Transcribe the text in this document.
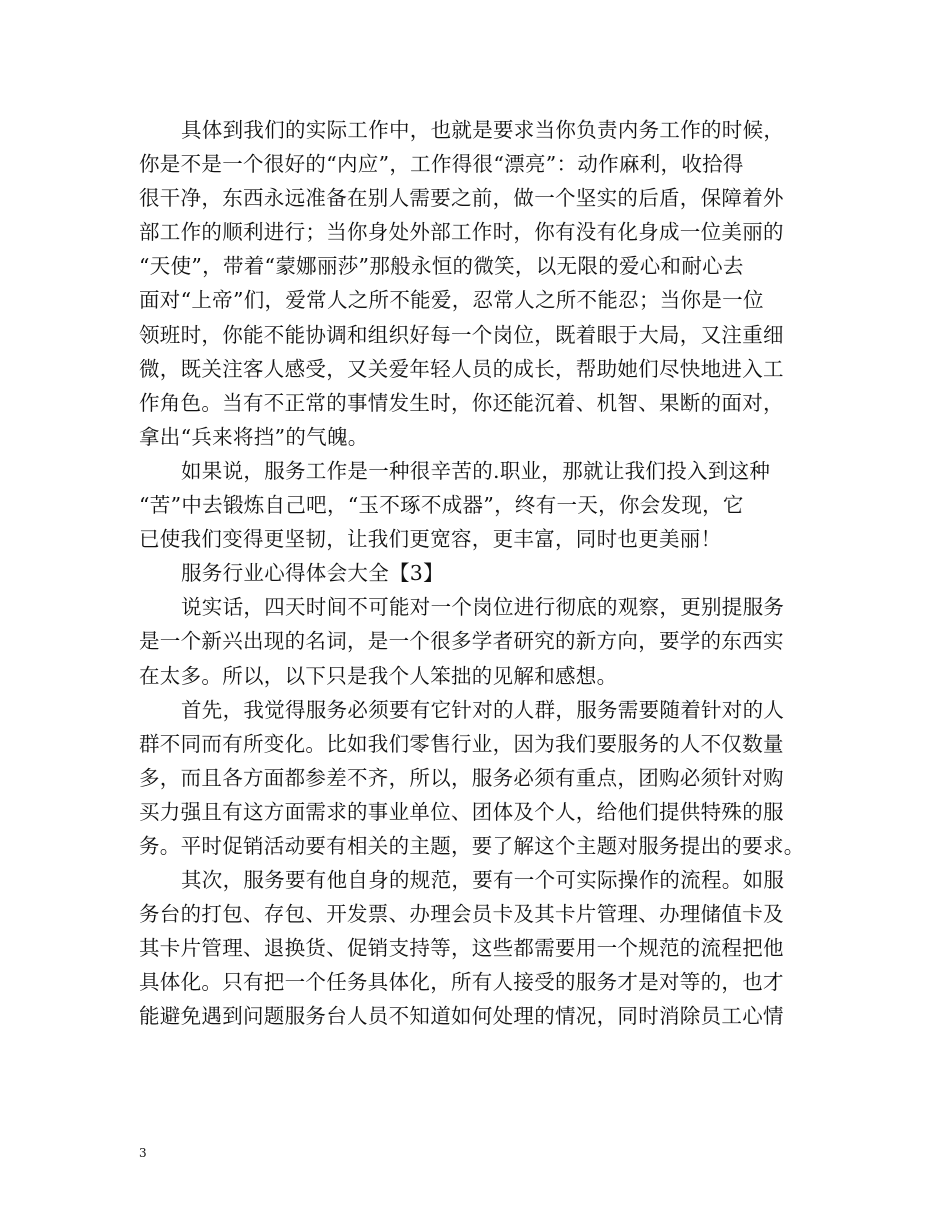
具体到我们的实际工作中，也就是要求当你负责内务工作的时候，
你是不是一个很好的“内应”，工作得很“漂亮”：动作麻利，收拾得
很干净，东西永远准备在别人需要之前，做一个坚实的后盾，保障着外
部工作的顺利进行；当你身处外部工作时，你有没有化身成一位美丽的
“天使”，带着“蒙娜丽莎”那般永恒的微笑，以无限的爱心和耐心去
面对“上帝”们，爱常人之所不能爱，忍常人之所不能忍；当你是一位
领班时，你能不能协调和组织好每一个岗位，既着眼于大局，又注重细
微，既关注客人感受，又关爱年轻人员的成长，帮助她们尽快地进入工
作角色。当有不正常的事情发生时，你还能沉着、机智、果断的面对，
拿出“兵来将挡”的气魄。
如果说，服务工作是一种很辛苦的.职业，那就让我们投入到这种
“苦”中去锻炼自己吧，“玉不琢不成器”，终有一天，你会发现，它
已使我们变得更坚韧，让我们更宽容，更丰富，同时也更美丽！
服务行业心得体会大全【3】
说实话，四天时间不可能对一个岗位进行彻底的观察，更别提服务
是一个新兴出现的名词，是一个很多学者研究的新方向，要学的东西实
在太多。所以，以下只是我个人笨拙的见解和感想。
首先，我觉得服务必须要有它针对的人群，服务需要随着针对的人
群不同而有所变化。比如我们零售行业，因为我们要服务的人不仅数量
多，而且各方面都参差不齐，所以，服务必须有重点，团购必须针对购
买力强且有这方面需求的事业单位、团体及个人，给他们提供特殊的服
务。平时促销活动要有相关的主题，要了解这个主题对服务提出的要求。
其次，服务要有他自身的规范，要有一个可实际操作的流程。如服
务台的打包、存包、开发票、办理会员卡及其卡片管理、办理储值卡及
其卡片管理、退换货、促销支持等，这些都需要用一个规范的流程把他
具体化。只有把一个任务具体化，所有人接受的服务才是对等的，也才
能避免遇到问题服务台人员不知道如何处理的情况，同时消除员工心情
3
